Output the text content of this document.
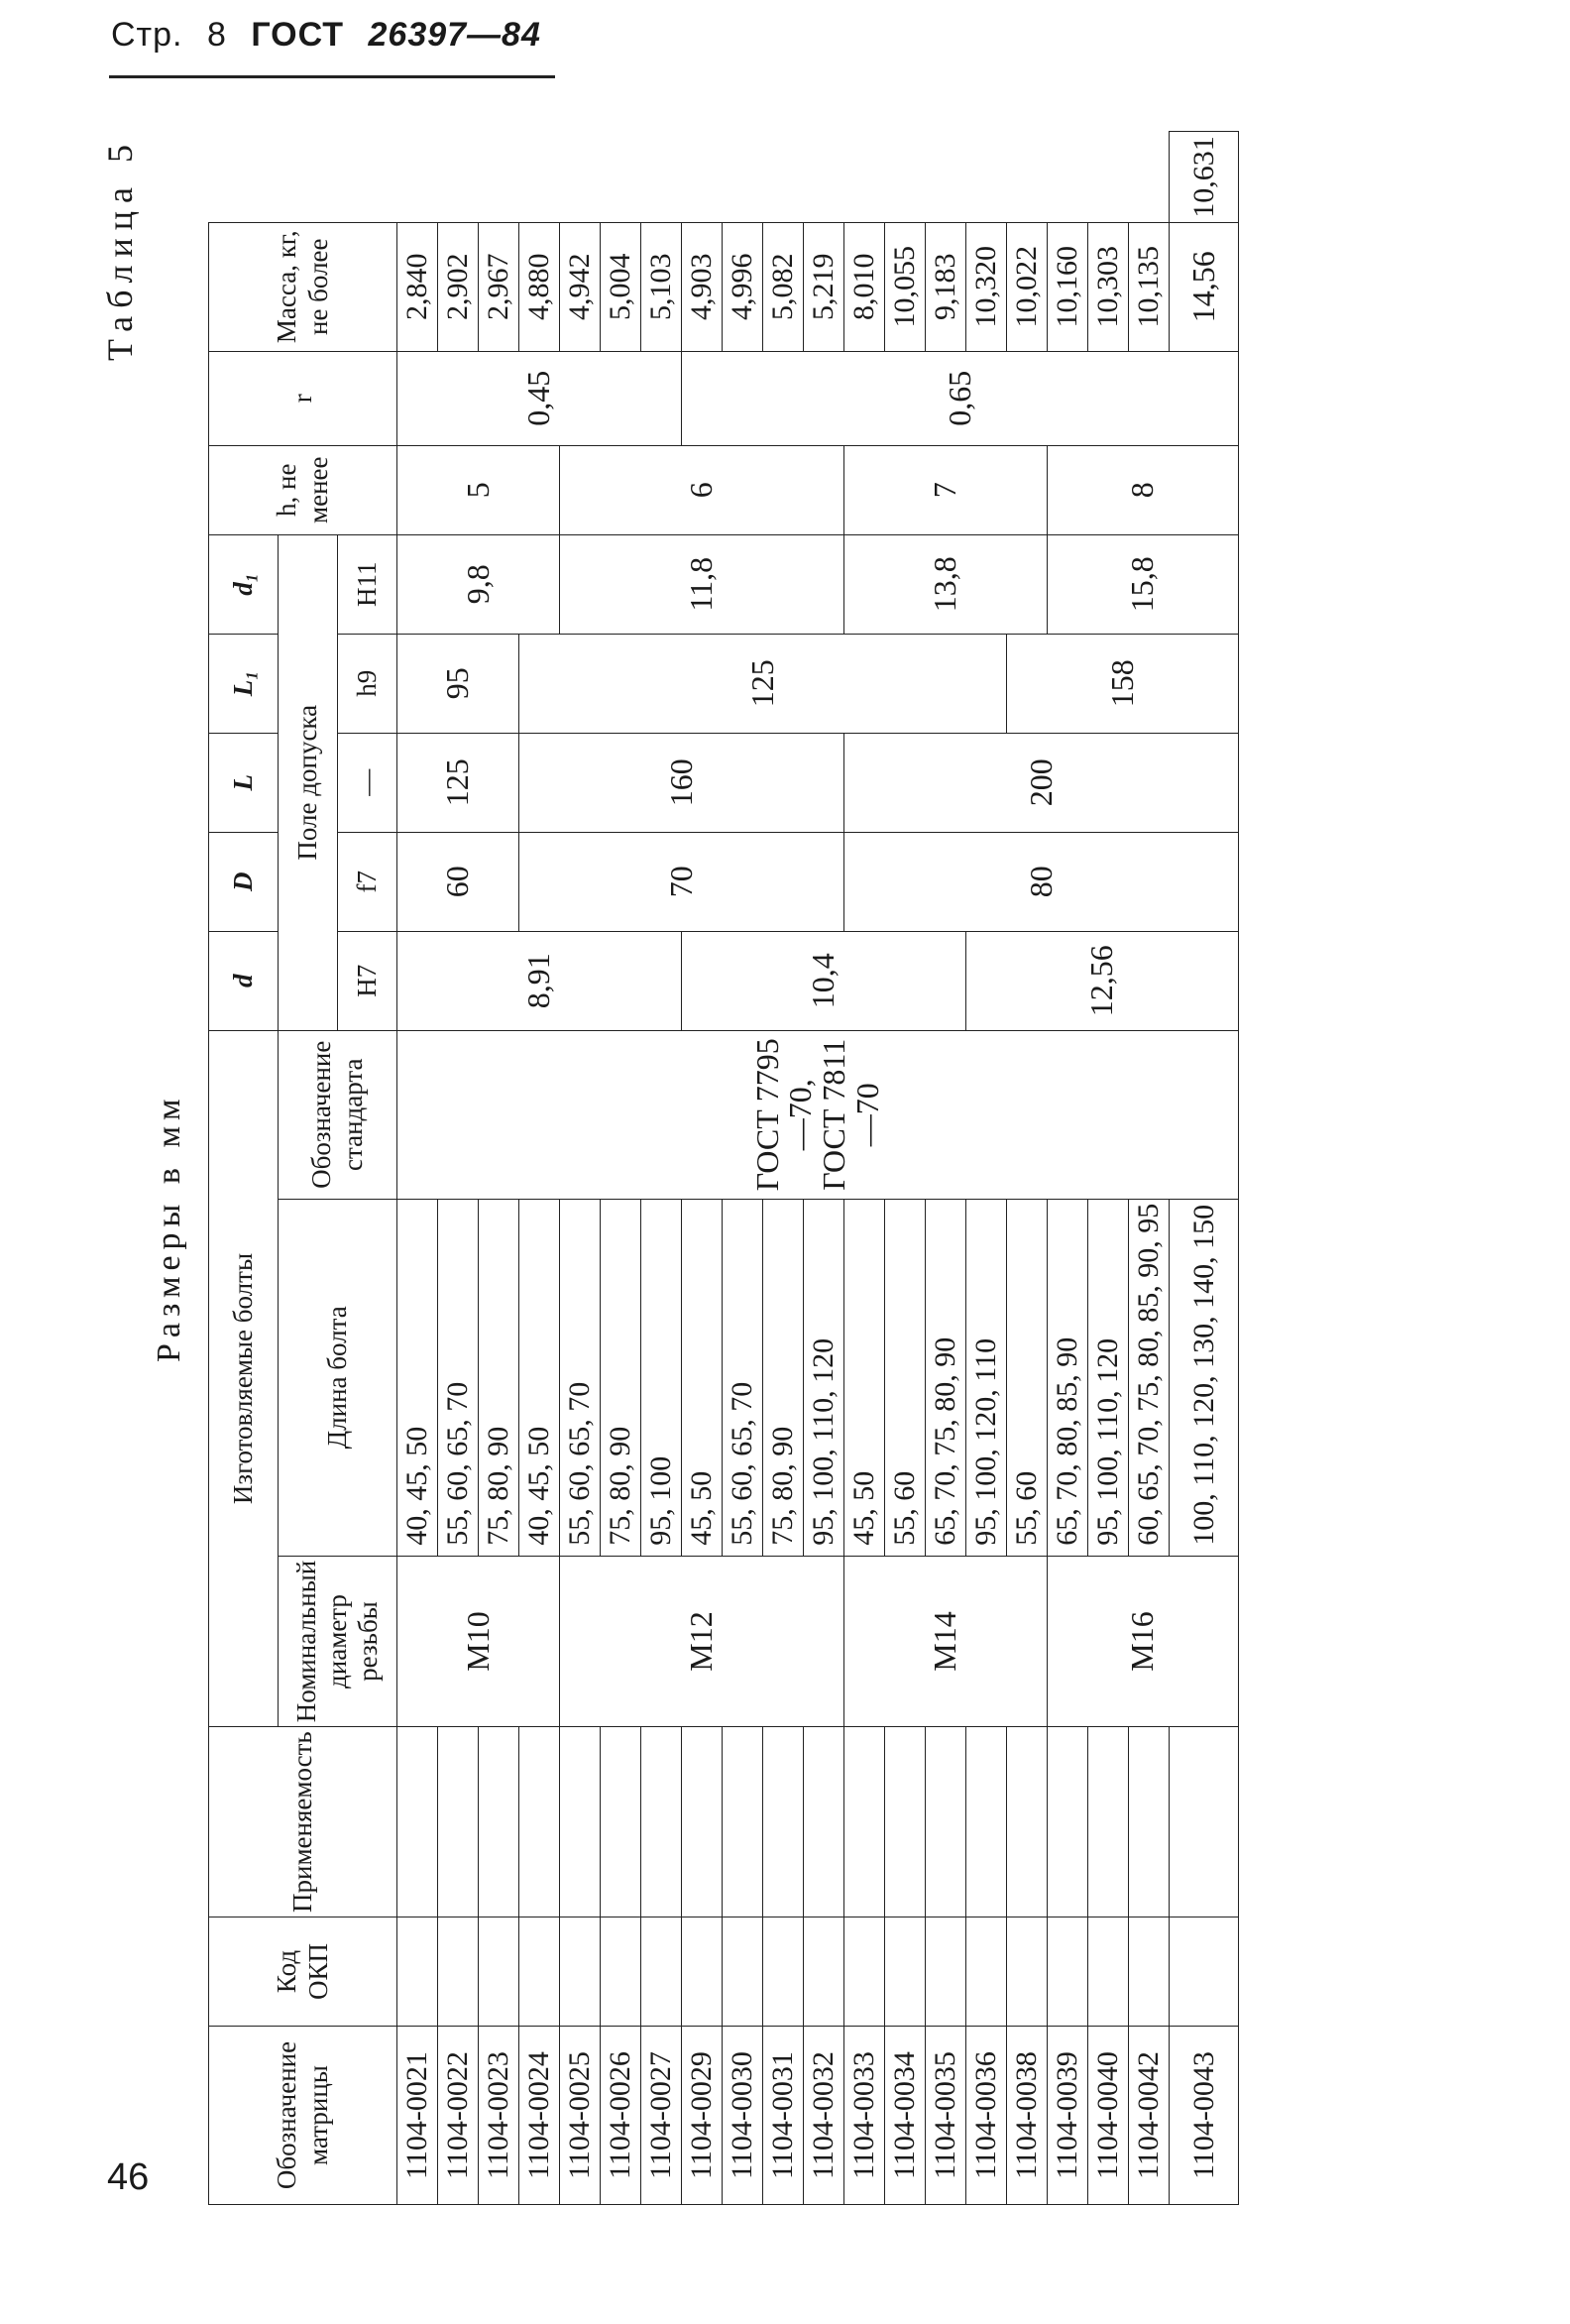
Стр. 8 ГОСТ 26397—84
Таблица 5
Размеры в мм
Обозначение матрицы	Код ОКП	Применяемость	Изготовляемые болты			d	D	L	L₁	d₁	h, не менее	r	Масса, кг, не более	
			Номинальный диаметр резьбы	Длина болта	Обозначение стандарта	Поле допуска								
						H7	f7	—	h9	H11				
1104-0021			M10	40, 45, 50	ГОСТ 7795—70, ГОСТ 7811—70	8,91	60	125	95	9,8	5	0,45	2,840	
1104-0022				55, 60, 65, 70									2,902	
1104-0023				75, 80, 90									2,967	
1104-0024				40, 45, 50			70	160	125				4,880	
1104-0025			M12	55, 60, 65, 70						11,8	6		4,942	
1104-0026				75, 80, 90									5,004	
1104-0027				95, 100									5,103	
1104-0029				45, 50		10,4						0,65	4,903	
1104-0030				55, 60, 65, 70									4,996	
1104-0031				75, 80, 90									5,082	
1104-0032				95, 100, 110, 120									5,219	
1104-0033			M14	45, 50			80	200		13,8	7		8,010	
1104-0034				55, 60									10,055	
1104-0035				65, 70, 75, 80, 90									9,183	
1104-0036				95, 100, 120, 110		12,56							10,320	
1104-0038				55, 60					158				10,022	
1104-0039			M16	65, 70, 80, 85, 90						15,8	8		10,160	
1104-0040				95, 100, 110, 120									10,303	
1104-0042				60, 65, 70, 75, 80, 85, 90, 95									10,135	
1104-0043				100, 110, 120, 130, 140, 150									14,56	10,631
46
